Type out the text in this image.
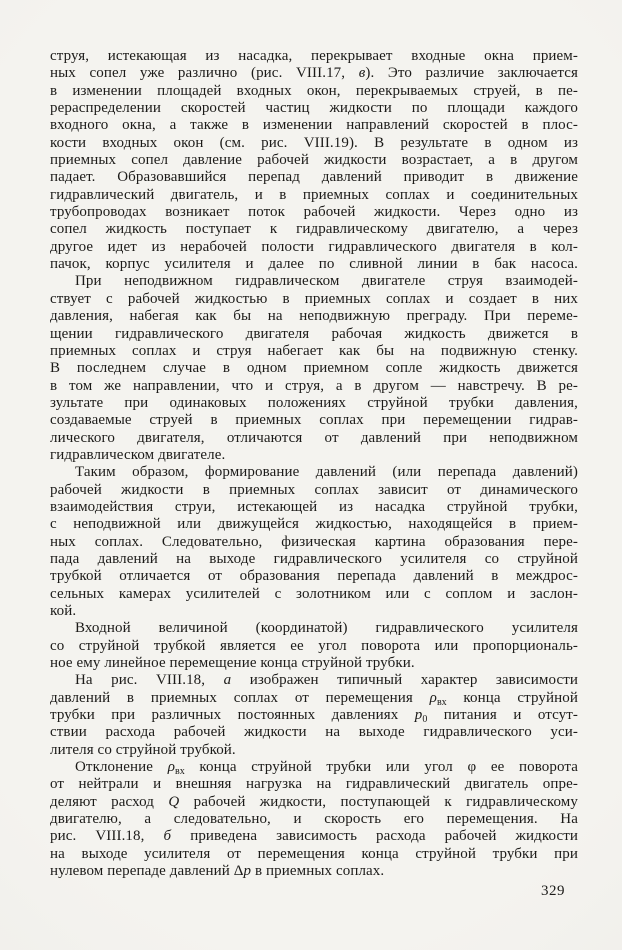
струя, истекающая из насадка, перекрывает входные окна прием-
ных сопел уже различно (рис. VIII.17, в). Это различие заключается
в изменении площадей входных окон, перекрываемых струей, в пе-
рераспределении скоростей частиц жидкости по площади каждого
входного окна, а также в изменении направлений скоростей в плос-
кости входных окон (см. рис. VIII.19). В результате в одном из
приемных сопел давление рабочей жидкости возрастает, а в другом
падает. Образовавшийся перепад давлений приводит в движение
гидравлический двигатель, и в приемных соплах и соединительных
трубопроводах возникает поток рабочей жидкости. Через одно из
сопел жидкость поступает к гидравлическому двигателю, а через
другое идет из нерабочей полости гидравлического двигателя в кол-
пачок, корпус усилителя и далее по сливной линии в бак насоса.
При неподвижном гидравлическом двигателе струя взаимодей-
ствует с рабочей жидкостью в приемных соплах и создает в них
давления, набегая как бы на неподвижную преграду. При переме-
щении гидравлического двигателя рабочая жидкость движется в
приемных соплах и струя набегает как бы на подвижную стенку.
В последнем случае в одном приемном сопле жидкость движется
в том же направлении, что и струя, а в другом — навстречу. В ре-
зультате при одинаковых положениях струйной трубки давления,
создаваемые струей в приемных соплах при перемещении гидрав-
лического двигателя, отличаются от давлений при неподвижном
гидравлическом двигателе.
Таким образом, формирование давлений (или перепада давлений)
рабочей жидкости в приемных соплах зависит от динамического
взаимодействия струи, истекающей из насадка струйной трубки,
с неподвижной или движущейся жидкостью, находящейся в прием-
ных соплах. Следовательно, физическая картина образования пере-
пада давлений на выходе гидравлического усилителя со струйной
трубкой отличается от образования перепада давлений в междрос-
сельных камерах усилителей с золотником или с соплом и заслон-
кой.
Входной величиной (координатой) гидравлического усилителя
со струйной трубкой является ее угол поворота или пропорциональ-
ное ему линейное перемещение конца струйной трубки.
На рис. VIII.18, а изображен типичный характер зависимости
давлений в приемных соплах от перемещения $\rho_{вх}$ конца струйной
трубки при различных постоянных давлениях $p_0$ питания и отсут-
ствии расхода рабочей жидкости на выходе гидравлического уси-
лителя со струйной трубкой.
Отклонение $\rho_{вх}$ конца струйной трубки или угол φ ее поворота
от нейтрали и внешняя нагрузка на гидравлический двигатель опре-
деляют расход Q рабочей жидкости, поступающей к гидравлическому
двигателю, а следовательно, и скорость его перемещения. На
рис. VIII.18, б приведена зависимость расхода рабочей жидкости
на выходе усилителя от перемещения конца струйной трубки при
нулевом перепаде давлений Δp в приемных соплах.
329
